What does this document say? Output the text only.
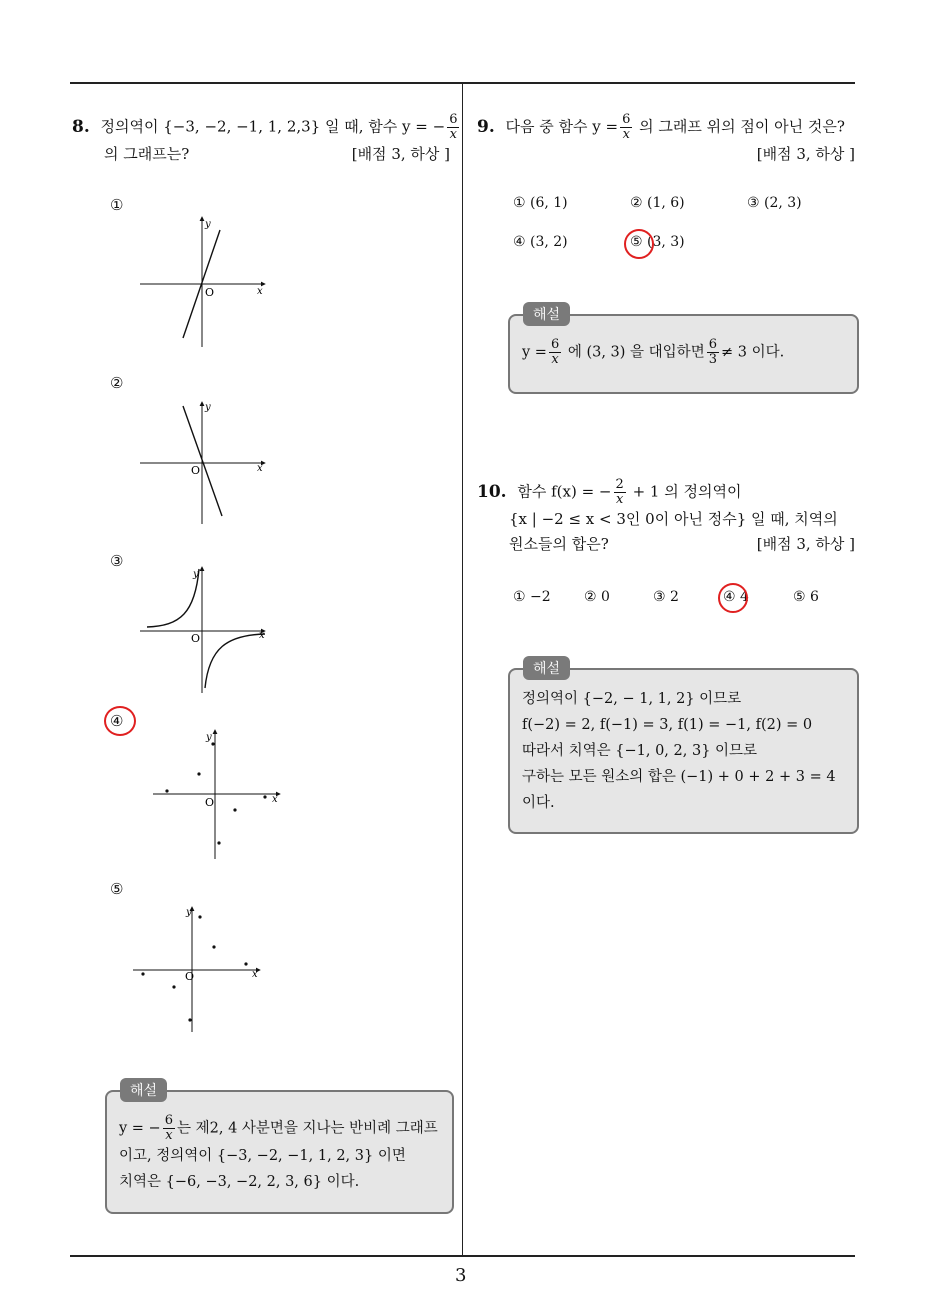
3
8. 정의역이 {−3, −2, −1, 1, 2,3} 일 때, 함수 y = − $\frac{6}{x}$
의 그래프는?	[배점 3, 하상 ]
①
②
③
④
⑤
y
x
O
y
x
O
y
x
O
y
x
O
y
x
O
y = − $\frac{6}{x}$ 는 제2, 4 사분면을 지나는 반비례 그래프
이고, 정의역이 {−3, −2, −1, 1, 2, 3} 이면
치역은 {−6, −3, −2, 2, 3, 6} 이다.
해설
9. 다음 중 함수 $y = \frac{6}{x}$ 의 그래프 위의 점이 아닌 것은?
[배점 3, 하상 ]
① (6, 1)	② (1, 6)	③ (2, 3)
④ (3, 2)	⑤ (3, 3)
$y = \frac{6}{x}$ 에 (3, 3) 을 대입하면 $\frac{6}{3} \ne 3$ 이다.
해설
10. 함수 f(x) = − $\frac{2}{x} + 1$ 의 정의역이
{x | −2 ≤ x < 3인 0이 아닌 정수} 일 때, 치역의
원소들의 합은?	[배점 3, 하상 ]
① −2 ② 0	③ 2	④ 4	⑤ 6
정의역이 {−2, − 1, 1, 2} 이므로
f(−2) = 2, f(−1) = 3, f(1) = −1, f(2) = 0
따라서 치역은 {−1, 0, 2, 3} 이므로
구하는 모든 원소의 합은 (−1) + 0 + 2 + 3 = 4
이다.
해설
